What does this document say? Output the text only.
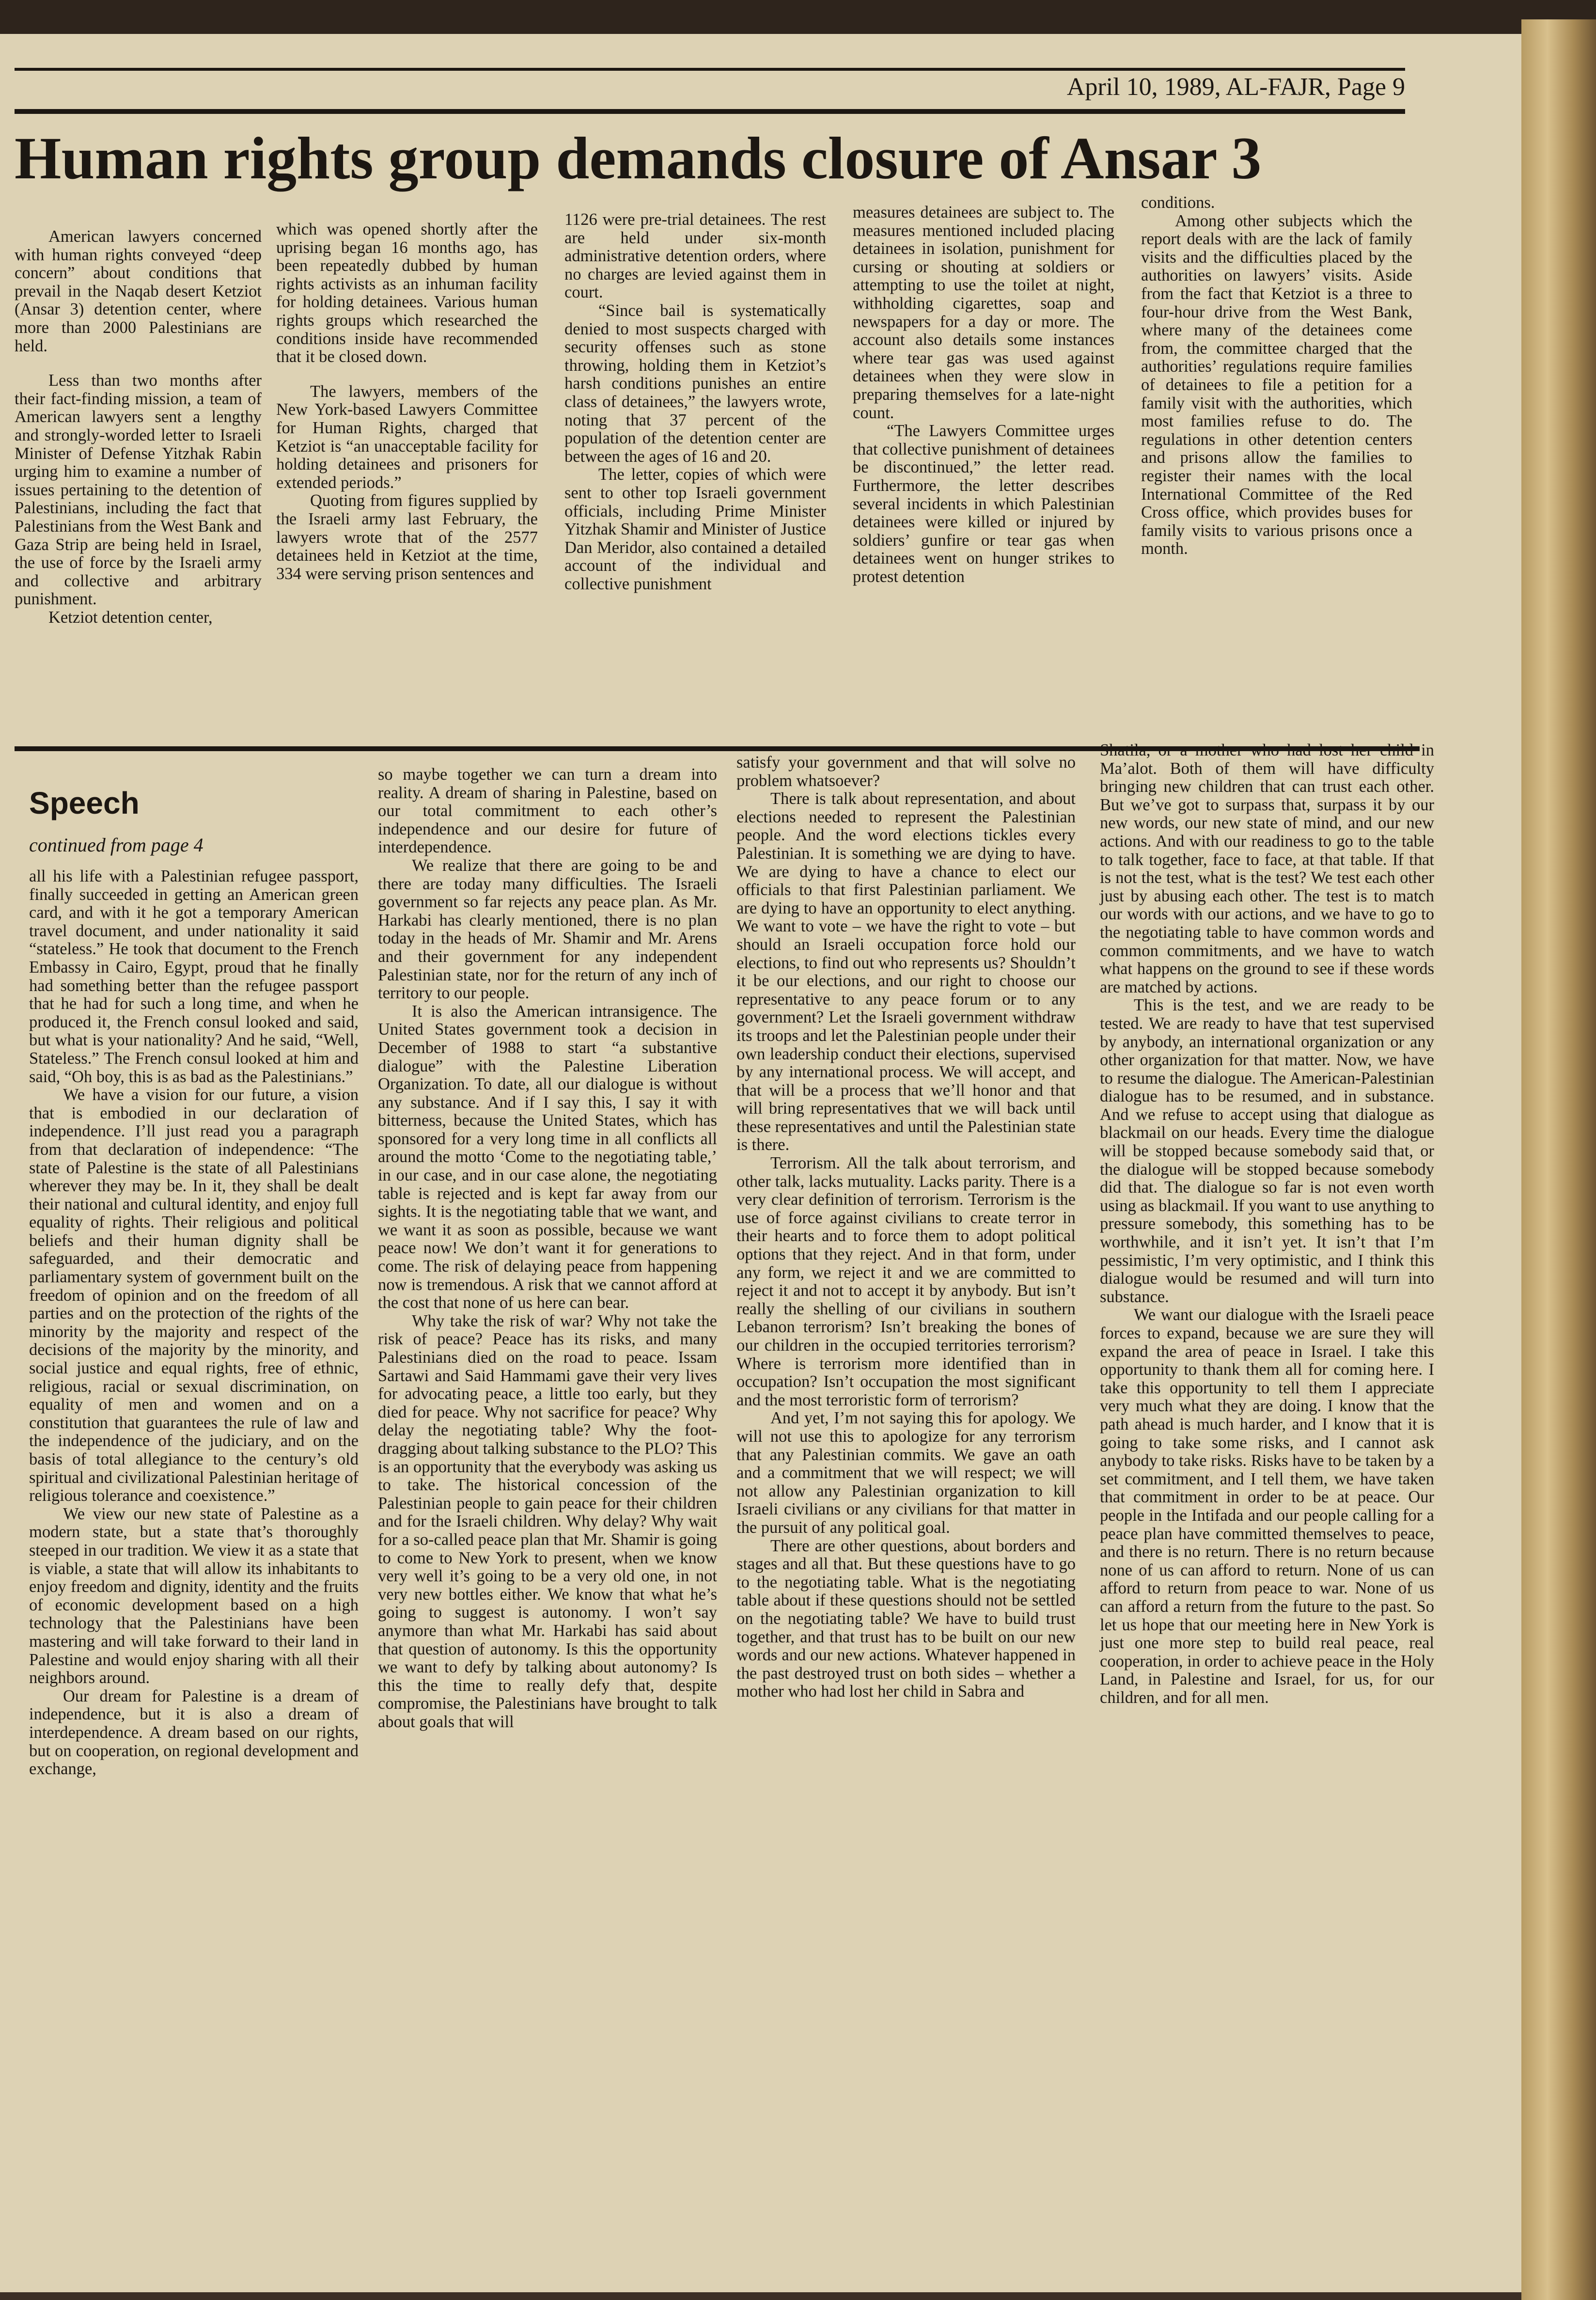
April 10, 1989, AL-FAJR, Page 9
Human rights group demands closure of Ansar 3

American lawyers concerned with human rights conveyed “deep concern” about conditions that prevail in the Naqab desert Ketziot (Ansar 3) detention center, where more than 2000 Palestinians are held.

Less than two months after their fact-finding mission, a team of American lawyers sent a lengthy and strongly-worded letter to Israeli Minister of Defense Yitzhak Rabin urging him to examine a number of issues pertaining to the detention of Palestinians, including the fact that Palestinians from the West Bank and Gaza Strip are being held in Israel, the use of force by the Israeli army and collective and arbitrary punishment.

Ketziot detention center,

which was opened shortly after the uprising began 16 months ago, has been repeatedly dubbed by human rights activists as an inhuman facility for holding detainees. Various human rights groups which researched the conditions inside have recommended that it be closed down.

The lawyers, members of the New York-based Lawyers Committee for Human Rights, charged that Ketziot is “an unacceptable facility for holding detainees and prisoners for extended periods.”

Quoting from figures supplied by the Israeli army last February, the lawyers wrote that of the 2577 detainees held in Ketziot at the time, 334 were serving prison sentences and

1126 were pre-trial detainees. The rest are held under six-month administrative detention orders, where no charges are levied against them in court.

“Since bail is systematically denied to most suspects charged with security offenses such as stone throwing, holding them in Ketziot’s harsh conditions punishes an entire class of detainees,” the lawyers wrote, noting that 37 percent of the population of the detention center are between the ages of 16 and 20.

The letter, copies of which were sent to other top Israeli government officials, including Prime Minister Yitzhak Shamir and Minister of Justice Dan Meridor, also contained a detailed account of the individual and collective punishment

measures detainees are subject to. The measures mentioned included placing detainees in isolation, punishment for cursing or shouting at soldiers or attempting to use the toilet at night, withholding cigarettes, soap and newspapers for a day or more. The account also details some instances where tear gas was used against detainees when they were slow in preparing themselves for a late-night count.

“The Lawyers Committee urges that collective punishment of detainees be discontinued,” the letter read. Furthermore, the letter describes several incidents in which Palestinian detainees were killed or injured by soldiers’ gunfire or tear gas when detainees went on hunger strikes to protest detention

conditions.

Among other subjects which the report deals with are the lack of family visits and the difficulties placed by the authorities on lawyers’ visits. Aside from the fact that Ketziot is a three to four-hour drive from the West Bank, where many of the detainees come from, the committee charged that the authorities’ regulations require families of detainees to file a petition for a family visit with the authorities, which most families refuse to do. The regulations in other detention centers and prisons allow the families to register their names with the local International Committee of the Red Cross office, which provides buses for family visits to various prisons once a month.

Speech
continued from page 4

all his life with a Palestinian refugee passport, finally succeeded in getting an American green card, and with it he got a temporary American travel document, and under nationality it said “stateless.” He took that document to the French Embassy in Cairo, Egypt, proud that he finally had something better than the refugee passport that he had for such a long time, and when he produced it, the French consul looked and said, but what is your nationality? And he said, “Well, Stateless.” The French consul looked at him and said, “Oh boy, this is as bad as the Palestinians.”

We have a vision for our future, a vision that is embodied in our declaration of independence. I’ll just read you a paragraph from that declaration of independence: “The state of Palestine is the state of all Palestinians wherever they may be. In it, they shall be dealt their national and cultural identity, and enjoy full equality of rights. Their religious and political beliefs and their human dignity shall be safeguarded, and their democratic and parliamentary system of government built on the freedom of opinion and on the freedom of all parties and on the protection of the rights of the minority by the majority and respect of the decisions of the majority by the minority, and social justice and equal rights, free of ethnic, religious, racial or sexual discrimination, on equality of men and women and on a constitution that guarantees the rule of law and the independence of the judiciary, and on the basis of total allegiance to the century’s old spiritual and civilizational Palestinian heritage of religious tolerance and coexistence.”

We view our new state of Palestine as a modern state, but a state that’s thoroughly steeped in our tradition. We view it as a state that is viable, a state that will allow its inhabitants to enjoy freedom and dignity, identity and the fruits of economic development based on a high technology that the Palestinians have been mastering and will take forward to their land in Palestine and would enjoy sharing with all their neighbors around.

Our dream for Palestine is a dream of independence, but it is also a dream of interdependence. A dream based on our rights, but on cooperation, on regional development and exchange,

so maybe together we can turn a dream into reality. A dream of sharing in Palestine, based on our total commitment to each other’s independence and our desire for future of interdependence.

We realize that there are going to be and there are today many difficulties. The Israeli government so far rejects any peace plan. As Mr. Harkabi has clearly mentioned, there is no plan today in the heads of Mr. Shamir and Mr. Arens and their government for any independent Palestinian state, nor for the return of any inch of territory to our people.

It is also the American intransigence. The United States government took a decision in December of 1988 to start “a substantive dialogue” with the Palestine Liberation Organization. To date, all our dialogue is without any substance. And if I say this, I say it with bitterness, because the United States, which has sponsored for a very long time in all conflicts all around the motto ‘Come to the negotiating table,’ in our case, and in our case alone, the negotiating table is rejected and is kept far away from our sights. It is the negotiating table that we want, and we want it as soon as possible, because we want peace now! We don’t want it for generations to come. The risk of delaying peace from happening now is tremendous. A risk that we cannot afford at the cost that none of us here can bear.

Why take the risk of war? Why not take the risk of peace? Peace has its risks, and many Palestinians died on the road to peace. Issam Sartawi and Said Hammami gave their very lives for advocating peace, a little too early, but they died for peace. Why not sacrifice for peace? Why delay the negotiating table? Why the foot-dragging about talking substance to the PLO? This is an opportunity that the everybody was asking us to take. The historical concession of the Palestinian people to gain peace for their children and for the Israeli children. Why delay? Why wait for a so-called peace plan that Mr. Shamir is going to come to New York to present, when we know very well it’s going to be a very old one, in not very new bottles either. We know that what he’s going to suggest is autonomy. I won’t say anymore than what Mr. Harkabi has said about that question of autonomy. Is this the opportunity we want to defy by talking about autonomy? Is this the time to really defy that, despite compromise, the Palestinians have brought to talk about goals that will

satisfy your government and that will solve no problem whatsoever?

There is talk about representation, and about elections needed to represent the Palestinian people. And the word elections tickles every Palestinian. It is something we are dying to have. We are dying to have a chance to elect our officials to that first Palestinian parliament. We are dying to have an opportunity to elect anything. We want to vote – we have the right to vote – but should an Israeli occupation force hold our elections, to find out who represents us? Shouldn’t it be our elections, and our right to choose our representative to any peace forum or to any government? Let the Israeli government withdraw its troops and let the Palestinian people under their own leadership conduct their elections, supervised by any international process. We will accept, and that will be a process that we’ll honor and that will bring representatives that we will back until these representatives and until the Palestinian state is there.

Terrorism. All the talk about terrorism, and other talk, lacks mutuality. Lacks parity. There is a very clear definition of terrorism. Terrorism is the use of force against civilians to create terror in their hearts and to force them to adopt political options that they reject. And in that form, under any form, we reject it and we are committed to reject it and not to accept it by anybody. But isn’t really the shelling of our civilians in southern Lebanon terrorism? Isn’t breaking the bones of our children in the occupied territories terrorism? Where is terrorism more identified than in occupation? Isn’t occupation the most significant and the most terroristic form of terrorism?

And yet, I’m not saying this for apology. We will not use this to apologize for any terrorism that any Palestinian commits. We gave an oath and a commitment that we will respect; we will not allow any Palestinian organization to kill Israeli civilians or any civilians for that matter in the pursuit of any political goal.

There are other questions, about borders and stages and all that. But these questions have to go to the negotiating table. What is the negotiating table about if these questions should not be settled on the negotiating table? We have to build trust together, and that trust has to be built on our new words and our new actions. Whatever happened in the past destroyed trust on both sides – whether a mother who had lost her child in Sabra and

Shatila, or a mother who had lost her child in Ma’alot. Both of them will have difficulty bringing new children that can trust each other. But we’ve got to surpass that, surpass it by our new words, our new state of mind, and our new actions. And with our readiness to go to the table to talk together, face to face, at that table. If that is not the test, what is the test? We test each other just by abusing each other. The test is to match our words with our actions, and we have to go to the negotiating table to have common words and common commitments, and we have to watch what happens on the ground to see if these words are matched by actions.

This is the test, and we are ready to be tested. We are ready to have that test supervised by anybody, an international organization or any other organization for that matter. Now, we have to resume the dialogue. The American-Palestinian dialogue has to be resumed, and in substance. And we refuse to accept using that dialogue as blackmail on our heads. Every time the dialogue will be stopped because somebody said that, or the dialogue will be stopped because somebody did that. The dialogue so far is not even worth using as blackmail. If you want to use anything to pressure somebody, this something has to be worthwhile, and it isn’t yet. It isn’t that I’m pessimistic, I’m very optimistic, and I think this dialogue would be resumed and will turn into substance.

We want our dialogue with the Israeli peace forces to expand, because we are sure they will expand the area of peace in Israel. I take this opportunity to thank them all for coming here. I take this opportunity to tell them I appreciate very much what they are doing. I know that the path ahead is much harder, and I know that it is going to take some risks, and I cannot ask anybody to take risks. Risks have to be taken by a set commitment, and I tell them, we have taken that commitment in order to be at peace. Our people in the Intifada and our people calling for a peace plan have committed themselves to peace, and there is no return. There is no return because none of us can afford to return. None of us can afford to return from peace to war. None of us can afford a return from the future to the past. So let us hope that our meeting here in New York is just one more step to build real peace, real cooperation, in order to achieve peace in the Holy Land, in Palestine and Israel, for us, for our children, and for all men.
